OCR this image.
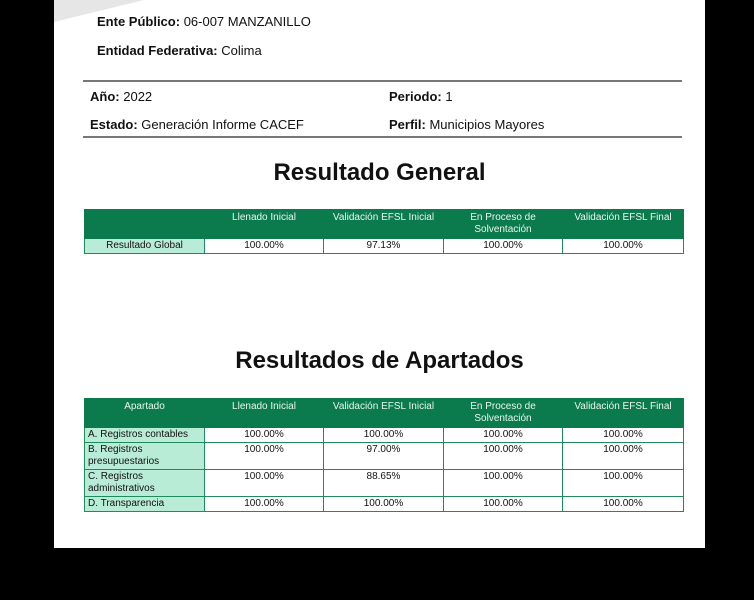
Ente Público: 06-007 MANZANILLO
Entidad Federativa: Colima
Año: 2022	Periodo: 1
Estado: Generación Informe CACEF	Perfil: Municipios Mayores
Resultado General
	Llenado Inicial	Validación EFSL Inicial	En Proceso de Solventación	Validación EFSL Final
Resultado Global	100.00%	97.13%	100.00%	100.00%
Resultados de Apartados
Apartado	Llenado Inicial	Validación EFSL Inicial	En Proceso de Solventación	Validación EFSL Final
A. Registros contables	100.00%	100.00%	100.00%	100.00%
B. Registros presupuestarios	100.00%	97.00%	100.00%	100.00%
C. Registros administrativos	100.00%	88.65%	100.00%	100.00%
D. Transparencia	100.00%	100.00%	100.00%	100.00%
